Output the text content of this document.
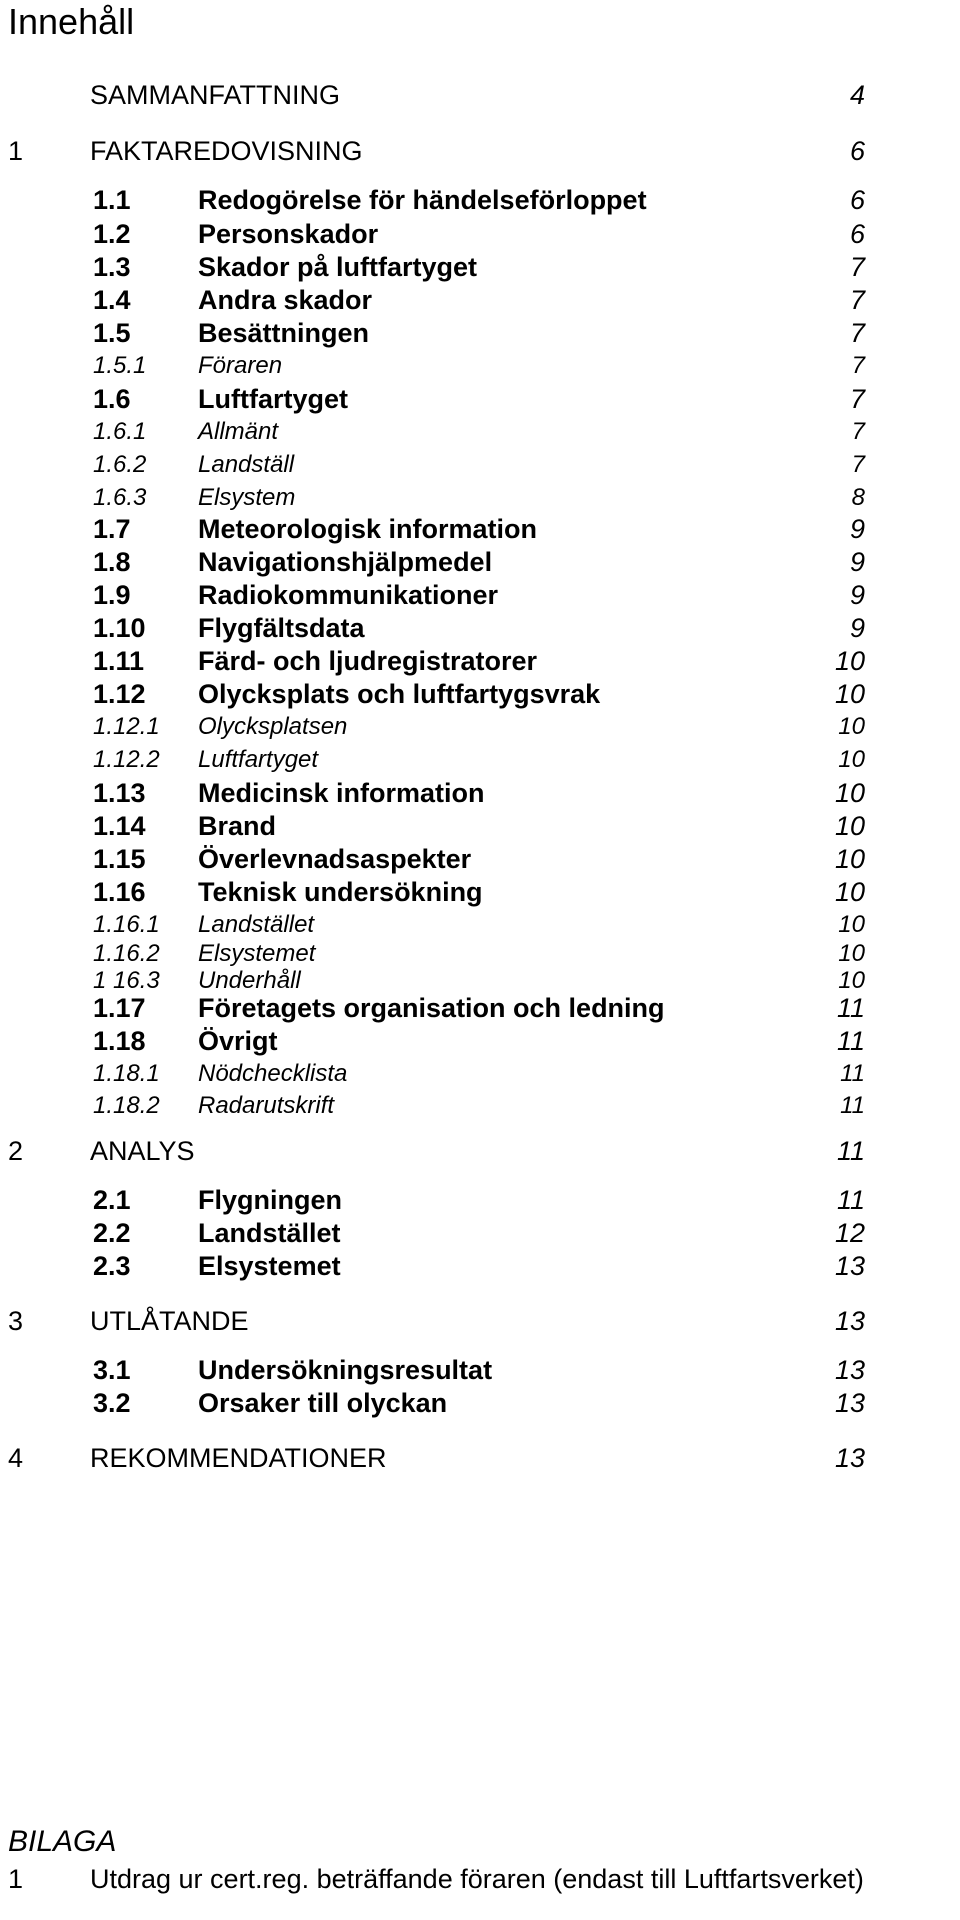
Innehåll
SAMMANFATTNING	4
1 FAKTAREDOVISNING	6
1.1 Redogörelse för händelseförloppet	6
1.2 Personskador	6
1.3 Skador på luftfartyget	7
1.4 Andra skador	7
1.5 Besättningen	7
1.5.1 Föraren	7
1.6 Luftfartyget	7
1.6.1 Allmänt	7
1.6.2 Landställ	7
1.6.3 Elsystem	8
1.7 Meteorologisk information	9
1.8 Navigationshjälpmedel	9
1.9 Radiokommunikationer	9
1.10 Flygfältsdata	9
1.11 Färd- och ljudregistratorer	10
1.12 Olycksplats och luftfartygsvrak	10
1.12.1 Olycksplatsen	10
1.12.2 Luftfartyget	10
1.13 Medicinsk information	10
1.14 Brand	10
1.15 Överlevnadsaspekter	10
1.16 Teknisk undersökning	10
1.16.1 Landstället	10
1.16.2 Elsystemet	10
1 16.3 Underhåll	10
1.17 Företagets organisation och ledning	11
1.18 Övrigt	11
1.18.1 Nödchecklista	11
1.18.2 Radarutskrift	11
2 ANALYS	11
2.1 Flygningen	11
2.2 Landstället	12
2.3 Elsystemet	13
3 UTLÅTANDE	13
3.1 Undersökningsresultat	13
3.2 Orsaker till olyckan	13
4 REKOMMENDATIONER	13
BILAGA
1 Utdrag ur cert.reg. beträffande föraren (endast till Luftfartsverket)
